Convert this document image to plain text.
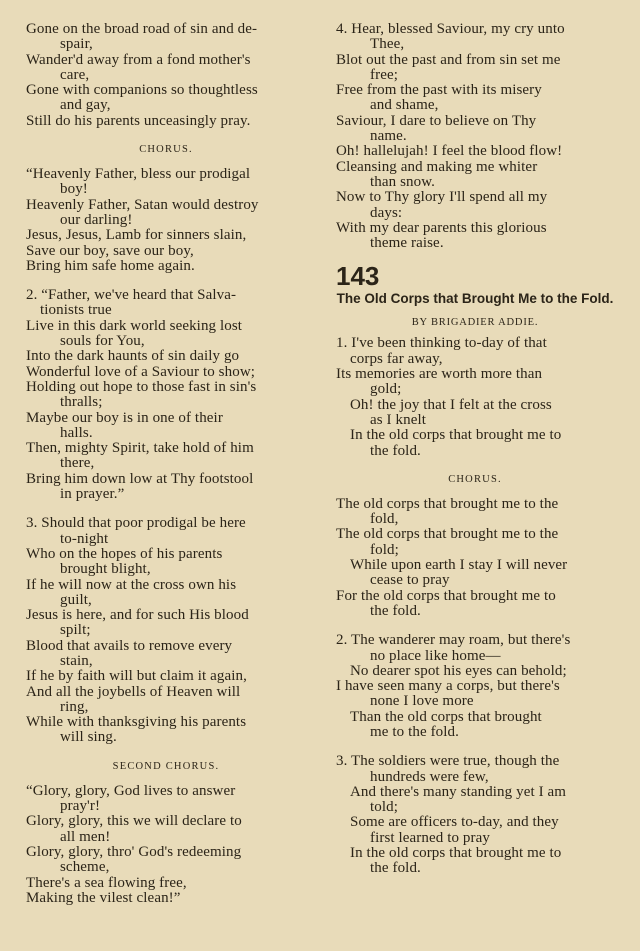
Gone on the broad road of sin and de-
spair,
Wander'd away from a fond mother's
care,
Gone with companions so thoughtless
and gay,
Still do his parents unceasingly pray.
CHORUS.
“Heavenly Father, bless our prodigal
boy!
Heavenly Father, Satan would destroy
our darling!
Jesus, Jesus, Lamb for sinners slain,
Save our boy, save our boy,
Bring him safe home again.
2. “Father, we've heard that Salva-
tionists true
Live in this dark world seeking lost
souls for You,
Into the dark haunts of sin daily go
Wonderful love of a Saviour to show;
Holding out hope to those fast in sin's
thralls;
Maybe our boy is in one of their
halls.
Then, mighty Spirit, take hold of him
there,
Bring him down low at Thy footstool
in prayer.”
3. Should that poor prodigal be here
to-night
Who on the hopes of his parents
brought blight,
If he will now at the cross own his
guilt,
Jesus is here, and for such His blood
spilt;
Blood that avails to remove every
stain,
If he by faith will but claim it again,
And all the joybells of Heaven will
ring,
While with thanksgiving his parents
will sing.
SECOND CHORUS.
“Glory, glory, God lives to answer
pray'r!
Glory, glory, this we will declare to
all men!
Glory, glory, thro' God's redeeming
scheme,
There's a sea flowing free,
Making the vilest clean!”
4. Hear, blessed Saviour, my cry unto
Thee,
Blot out the past and from sin set me
free;
Free from the past with its misery
and shame,
Saviour, I dare to believe on Thy
name.
Oh! hallelujah! I feel the blood flow!
Cleansing and making me whiter
than snow.
Now to Thy glory I'll spend all my
days:
With my dear parents this glorious
theme raise.
143
The Old Corps that Brought Me to the Fold.
BY BRIGADIER ADDIE.
1. I've been thinking to-day of that
corps far away,
Its memories are worth more than
gold;
Oh! the joy that I felt at the cross
as I knelt
In the old corps that brought me to
the fold.
CHORUS.
The old corps that brought me to the
fold,
The old corps that brought me to the
fold;
While upon earth I stay I will never
cease to pray
For the old corps that brought me to
the fold.
2. The wanderer may roam, but there's
no place like home—
No dearer spot his eyes can behold;
I have seen many a corps, but there's
none I love more
Than the old corps that brought
me to the fold.
3. The soldiers were true, though the
hundreds were few,
And there's many standing yet I am
told;
Some are officers to-day, and they
first learned to pray
In the old corps that brought me to
the fold.
